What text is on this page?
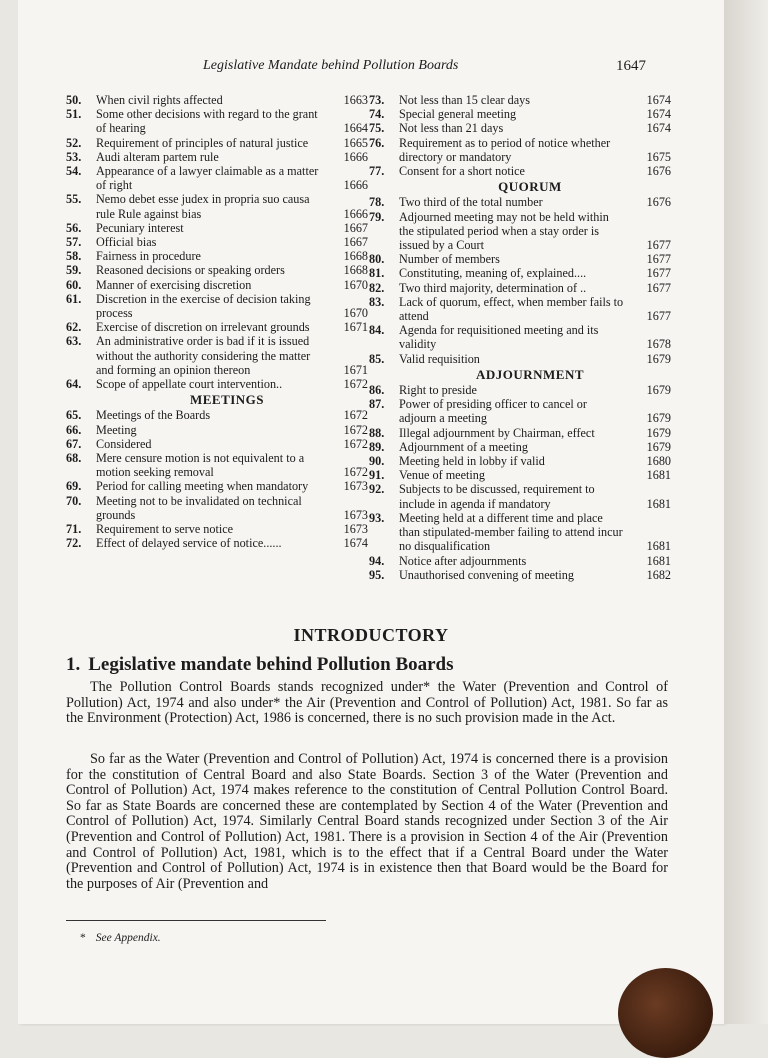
Legislative Mandate behind Pollution Boards	1647
50.	When civil rights affected	1663
51.	Some other decisions with regard to the grant of hearing	1664
52.	Requirement of principles of natural justice	1665
53.	Audi alteram partem rule	1666
54.	Appearance of a lawyer claimable as a matter of right	1666
55.	Nemo debet esse judex in propria suo causa rule Rule against bias	1666
56.	Pecuniary interest	1667
57.	Official bias	1667
58.	Fairness in procedure	1668
59.	Reasoned decisions or speaking orders	1668
60.	Manner of exercising discretion	1670
61.	Discretion in the exercise of decision taking process	1670
62.	Exercise of discretion on irrelevant grounds	1671
63.	An administrative order is bad if it is issued without the authority considering the matter and forming an opinion thereon	1671
64.	Scope of appellate court intervention..	1672
MEETINGS
65.	Meetings of the Boards	1672
66.	Meeting	1672
67.	Considered	1672
68.	Mere censure motion is not equivalent to a motion seeking removal	1672
69.	Period for calling meeting when mandatory	1673
70.	Meeting not to be invalidated on technical grounds	1673
71.	Requirement to serve notice	1673
72.	Effect of delayed service of notice......	1674
73.	Not less than 15 clear days	1674
74.	Special general meeting	1674
75.	Not less than 21 days	1674
76.	Requirement as to period of notice whether directory or mandatory	1675
77.	Consent for a short notice	1676
QUORUM
78.	Two third of the total number	1676
79.	Adjourned meeting may not be held within the stipulated period when a stay order is issued by a Court	1677
80.	Number of members	1677
81.	Constituting, meaning of, explained....	1677
82.	Two third majority, determination of ..	1677
83.	Lack of quorum, effect, when member fails to attend	1677
84.	Agenda for requisitioned meeting and its validity	1678
85.	Valid requisition	1679
ADJOURNMENT
86.	Right to preside	1679
87.	Power of presiding officer to cancel or adjourn a meeting	1679
88.	Illegal adjournment by Chairman, effect	1679
89.	Adjournment of a meeting	1679
90.	Meeting held in lobby if valid	1680
91.	Venue of meeting	1681
92.	Subjects to be discussed, requirement to include in agenda if mandatory	1681
93.	Meeting held at a different time and place than stipulated-member failing to attend incur no disqualification	1681
94.	Notice after adjournments	1681
95.	Unauthorised convening of meeting	1682
INTRODUCTORY
1. Legislative mandate behind Pollution Boards

The Pollution Control Boards stands recognized under* the Water (Prevention and Control of Pollution) Act, 1974 and also under* the Air (Prevention and Control of Pollution) Act, 1981. So far as the Environment (Protection) Act, 1986 is concerned, there is no such provision made in the Act.

So far as the Water (Prevention and Control of Pollution) Act, 1974 is concerned there is a provision for the constitution of Central Board and also State Boards. Section 3 of the Water (Prevention and Control of Pollution) Act, 1974 makes reference to the constitution of Central Pollution Control Board. So far as State Boards are concerned these are contemplated by Section 4 of the Water (Prevention and Control of Pollution) Act, 1974. Similarly Central Board stands recognized under Section 3 of the Air (Prevention and Control of Pollution) Act, 1981. There is a provision in Section 4 of the Air (Prevention and Control of Pollution) Act, 1981, which is to the effect that if a Central Board under the Water (Prevention and Control of Pollution) Act, 1974 is in existence then that Board would be the Board for the purposes of Air (Prevention and

* See Appendix.
